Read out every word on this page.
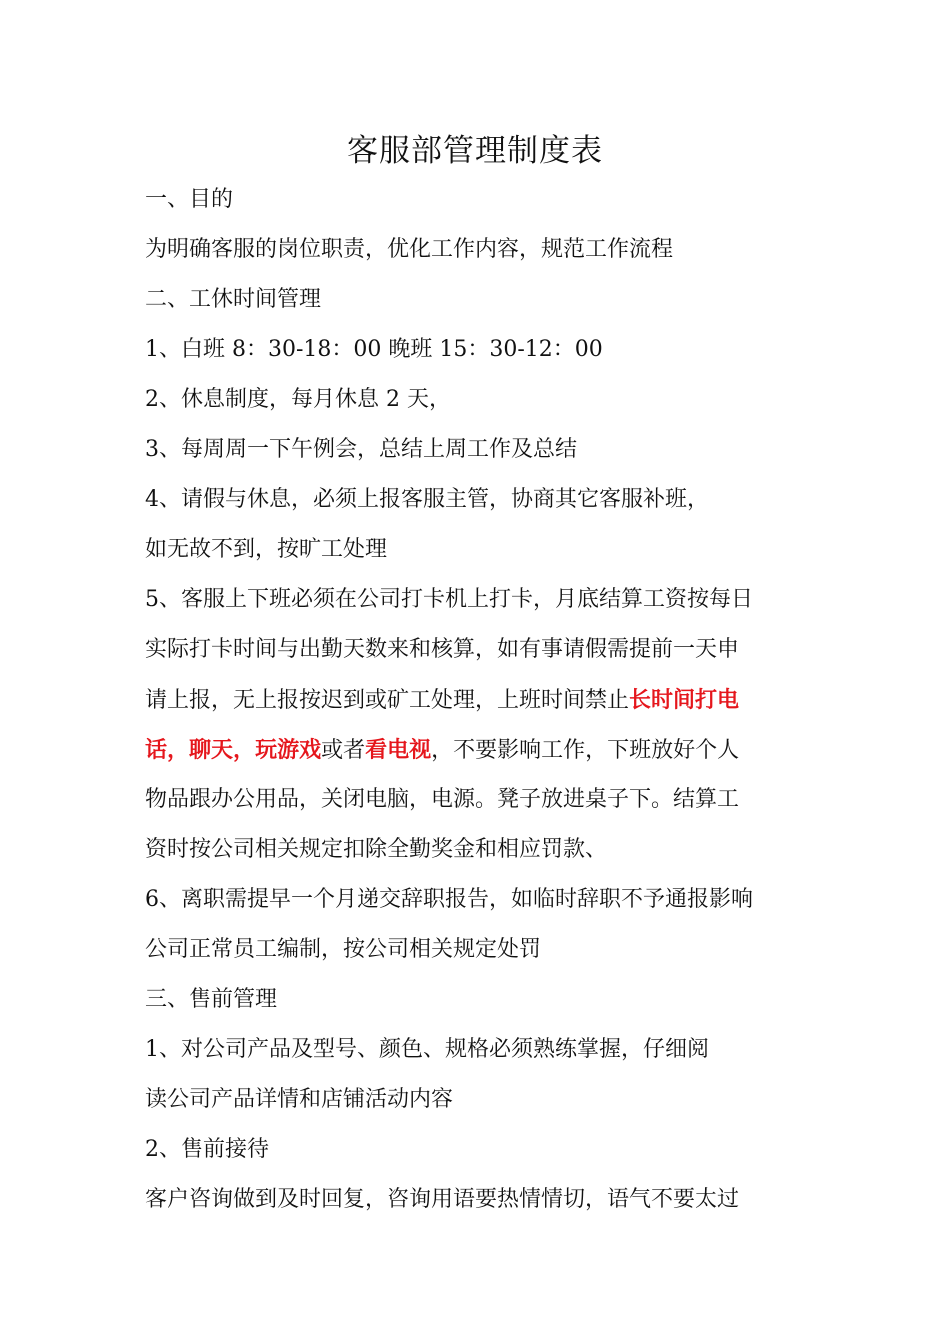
客服部管理制度表
一、目的
为明确客服的岗位职责，优化工作内容，规范工作流程
二、工休时间管理
1、白班 8：30-18：00 晚班 15：30-12：00
2、休息制度，每月休息 2 天，
3、每周周一下午例会，总结上周工作及总结
4、请假与休息，必须上报客服主管，协商其它客服补班，
如无故不到，按旷工处理
5、客服上下班必须在公司打卡机上打卡，月底结算工资按每日
实际打卡时间与出勤天数来和核算，如有事请假需提前一天申
请上报，无上报按迟到或矿工处理，上班时间禁止长时间打电
话，聊天，玩游戏或者看电视，不要影响工作，下班放好个人
物品跟办公用品，关闭电脑，电源。凳子放进桌子下。结算工
资时按公司相关规定扣除全勤奖金和相应罚款、
6、离职需提早一个月递交辞职报告，如临时辞职不予通报影响
公司正常员工编制，按公司相关规定处罚
三、售前管理
1、对公司产品及型号、颜色、规格必须熟练掌握，仔细阅
读公司产品详情和店铺活动内容
2、售前接待
客户咨询做到及时回复，咨询用语要热情情切，语气不要太过
